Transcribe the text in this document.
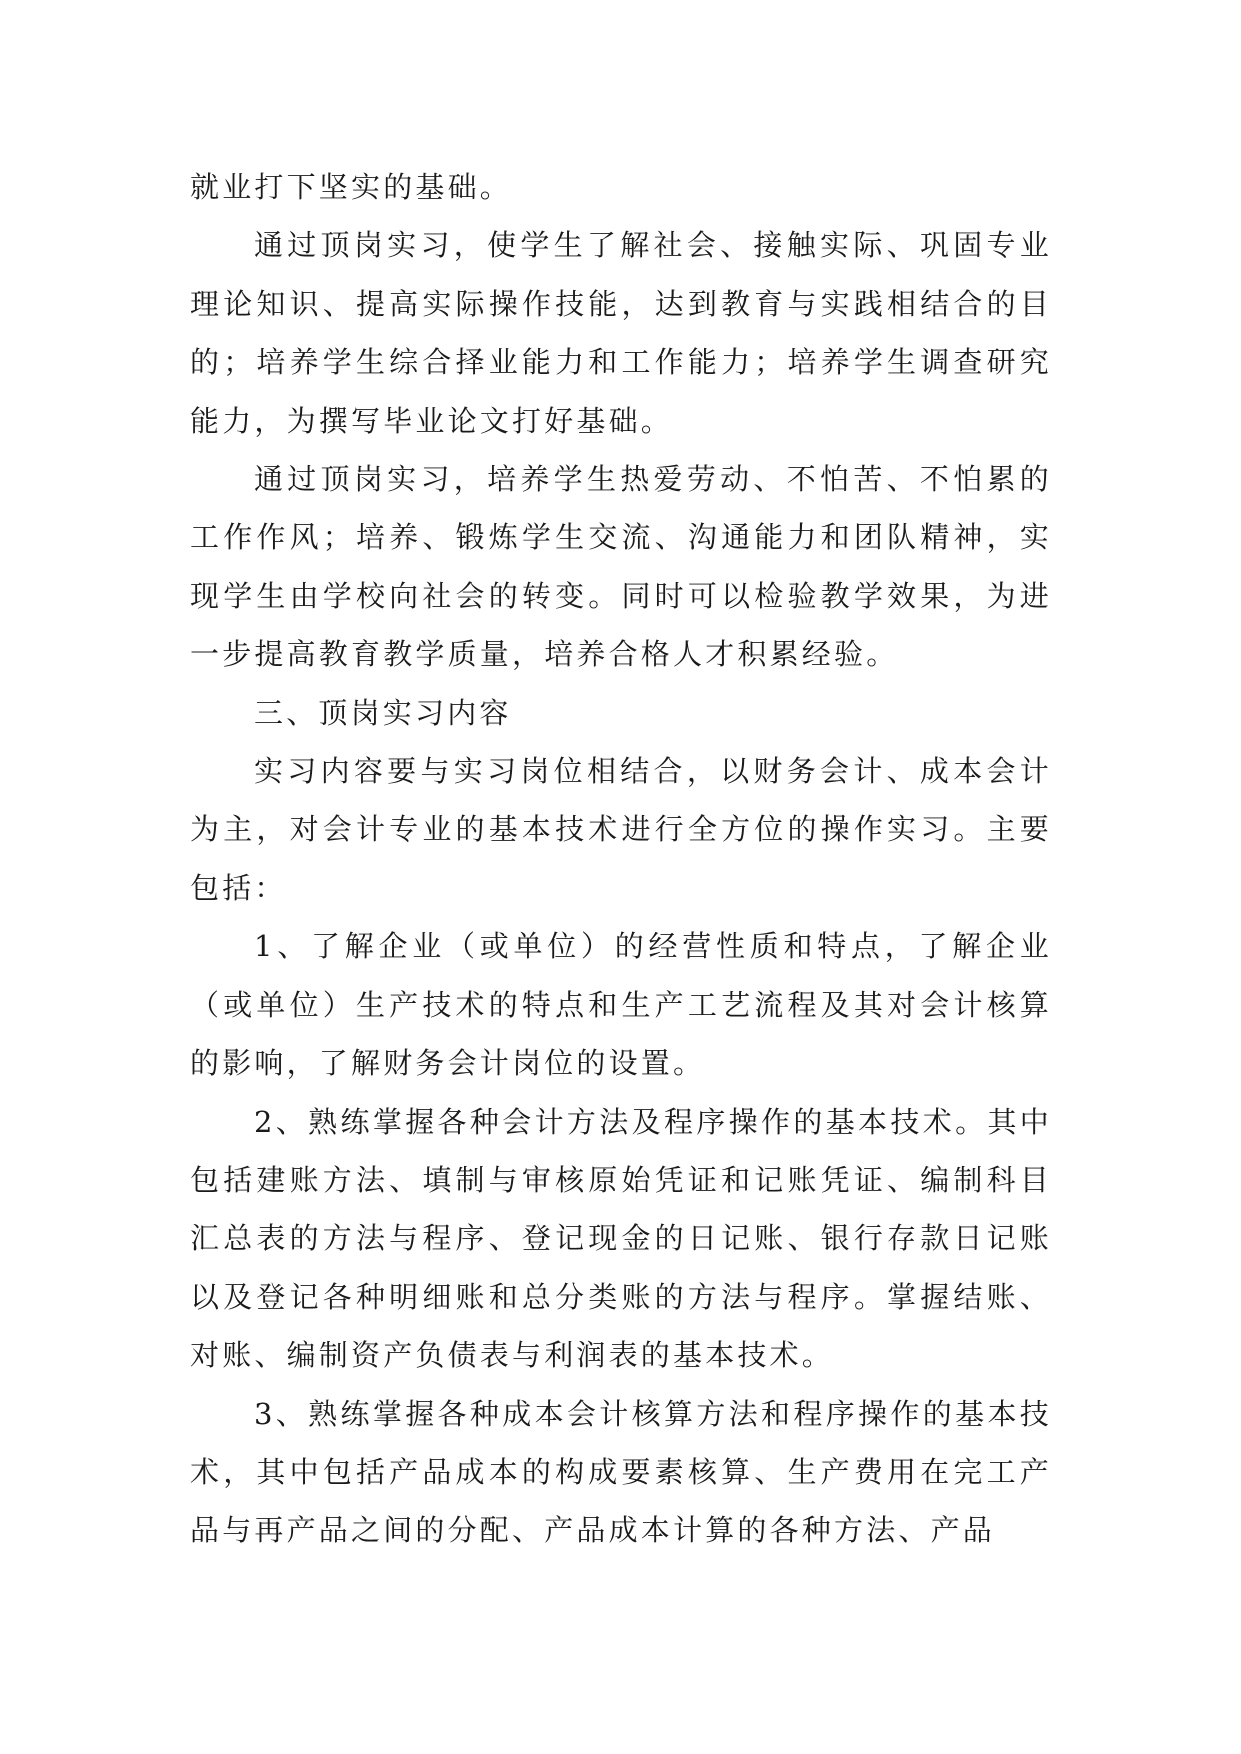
就业打下坚实的基础。

通过顶岗实习，使学生了解社会、接触实际、巩固专业理论知识、提高实际操作技能，达到教育与实践相结合的目的；培养学生综合择业能力和工作能力；培养学生调查研究能力，为撰写毕业论文打好基础。

通过顶岗实习，培养学生热爱劳动、不怕苦、不怕累的工作作风；培养、锻炼学生交流、沟通能力和团队精神，实现学生由学校向社会的转变。同时可以检验教学效果，为进一步提高教育教学质量，培养合格人才积累经验。

三、顶岗实习内容

实习内容要与实习岗位相结合，以财务会计、成本会计为主，对会计专业的基本技术进行全方位的操作实习。主要包括：

1、了解企业（或单位）的经营性质和特点，了解企业（或单位）生产技术的特点和生产工艺流程及其对会计核算的影响，了解财务会计岗位的设置。

2、熟练掌握各种会计方法及程序操作的基本技术。其中包括建账方法、填制与审核原始凭证和记账凭证、编制科目汇总表的方法与程序、登记现金的日记账、银行存款日记账以及登记各种明细账和总分类账的方法与程序。掌握结账、对账、编制资产负债表与利润表的基本技术。

3、熟练掌握各种成本会计核算方法和程序操作的基本技术，其中包括产品成本的构成要素核算、生产费用在完工产品与再产品之间的分配、产品成本计算的各种方法、产品
